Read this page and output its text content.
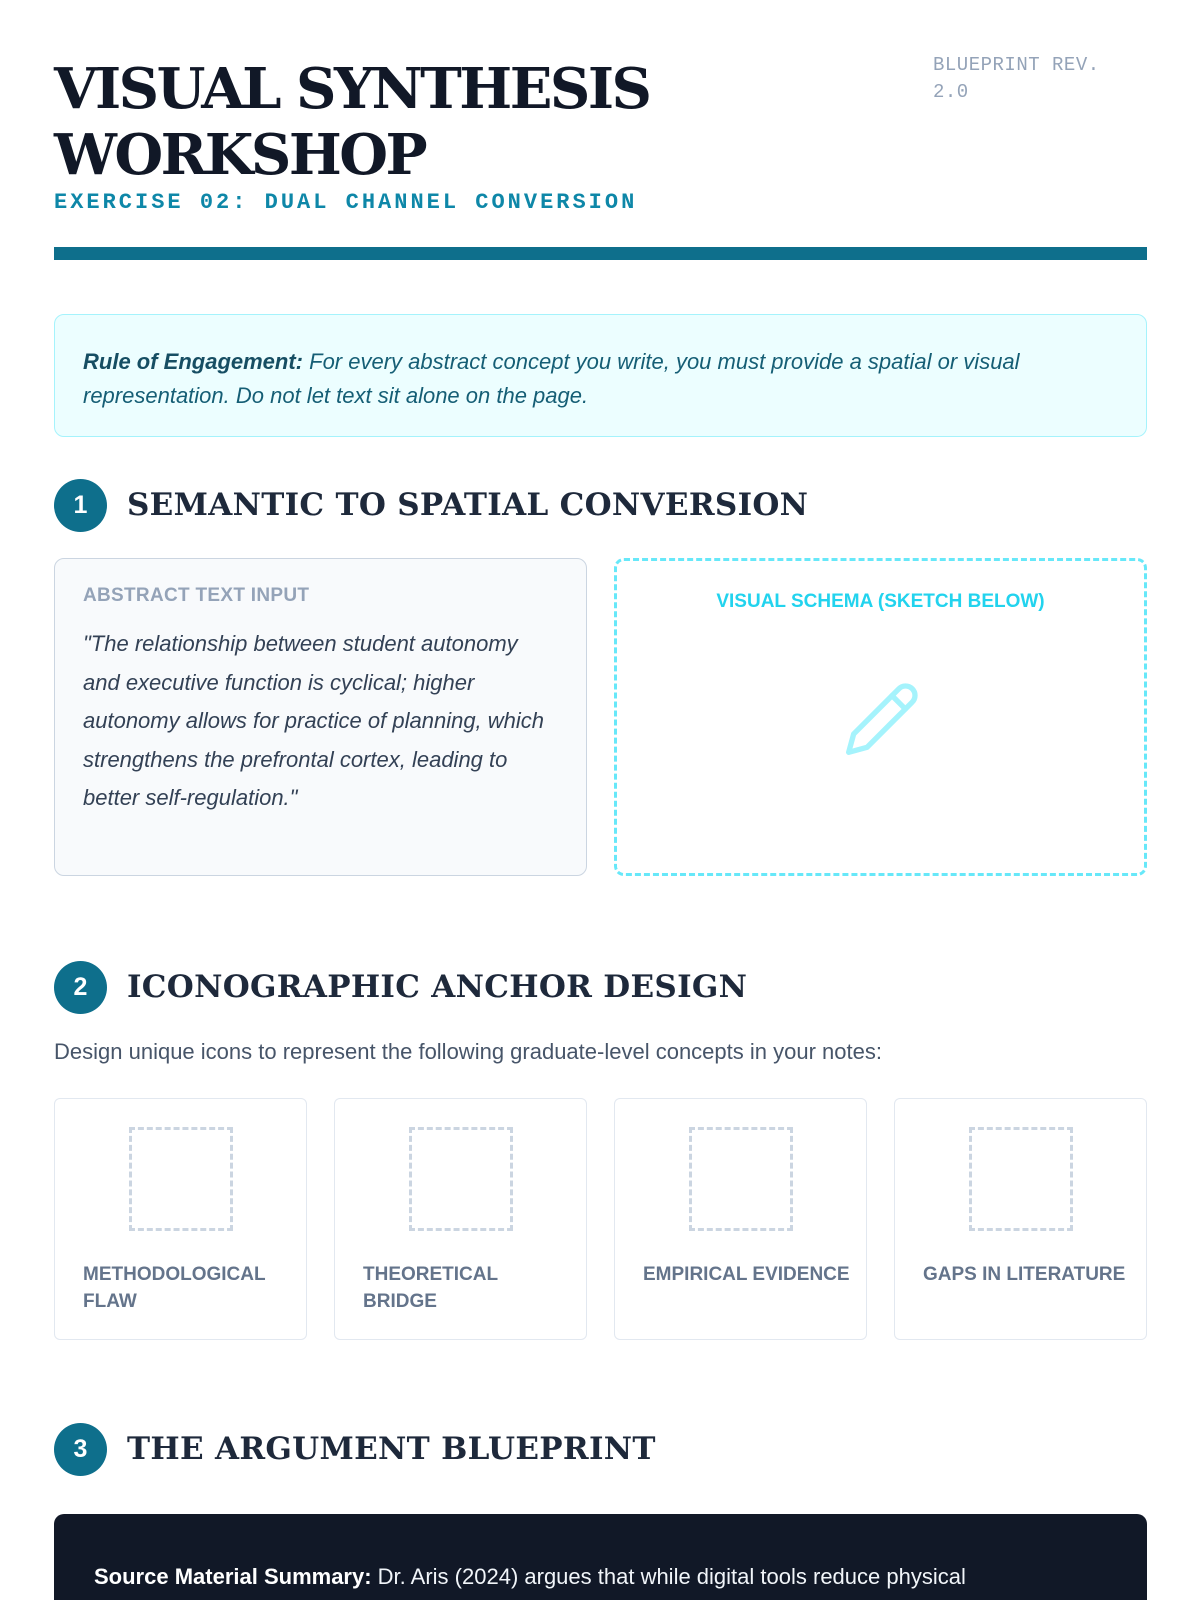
VISUAL SYNTHESIS WORKSHOP
EXERCISE 02: DUAL CHANNEL CONVERSION
BLUEPRINT REV. 2.0
Rule of Engagement: For every abstract concept you write, you must provide a spatial or visual representation. Do not let text sit alone on the page.
1	SEMANTIC TO SPATIAL CONVERSION
ABSTRACT TEXT INPUT
"The relationship between student autonomy and executive function is cyclical; higher autonomy allows for practice of planning, which strengthens the prefrontal cortex, leading to better self-regulation."
VISUAL SCHEMA (SKETCH BELOW)
2	ICONOGRAPHIC ANCHOR DESIGN
Design unique icons to represent the following graduate-level concepts in your notes:
METHODOLOGICAL FLAW
THEORETICAL BRIDGE
EMPIRICAL EVIDENCE	GAPS IN LITERATURE
3	THE ARGUMENT BLUEPRINT
Source Material Summary: Dr. Aris (2024) argues that while digital tools reduce physical
